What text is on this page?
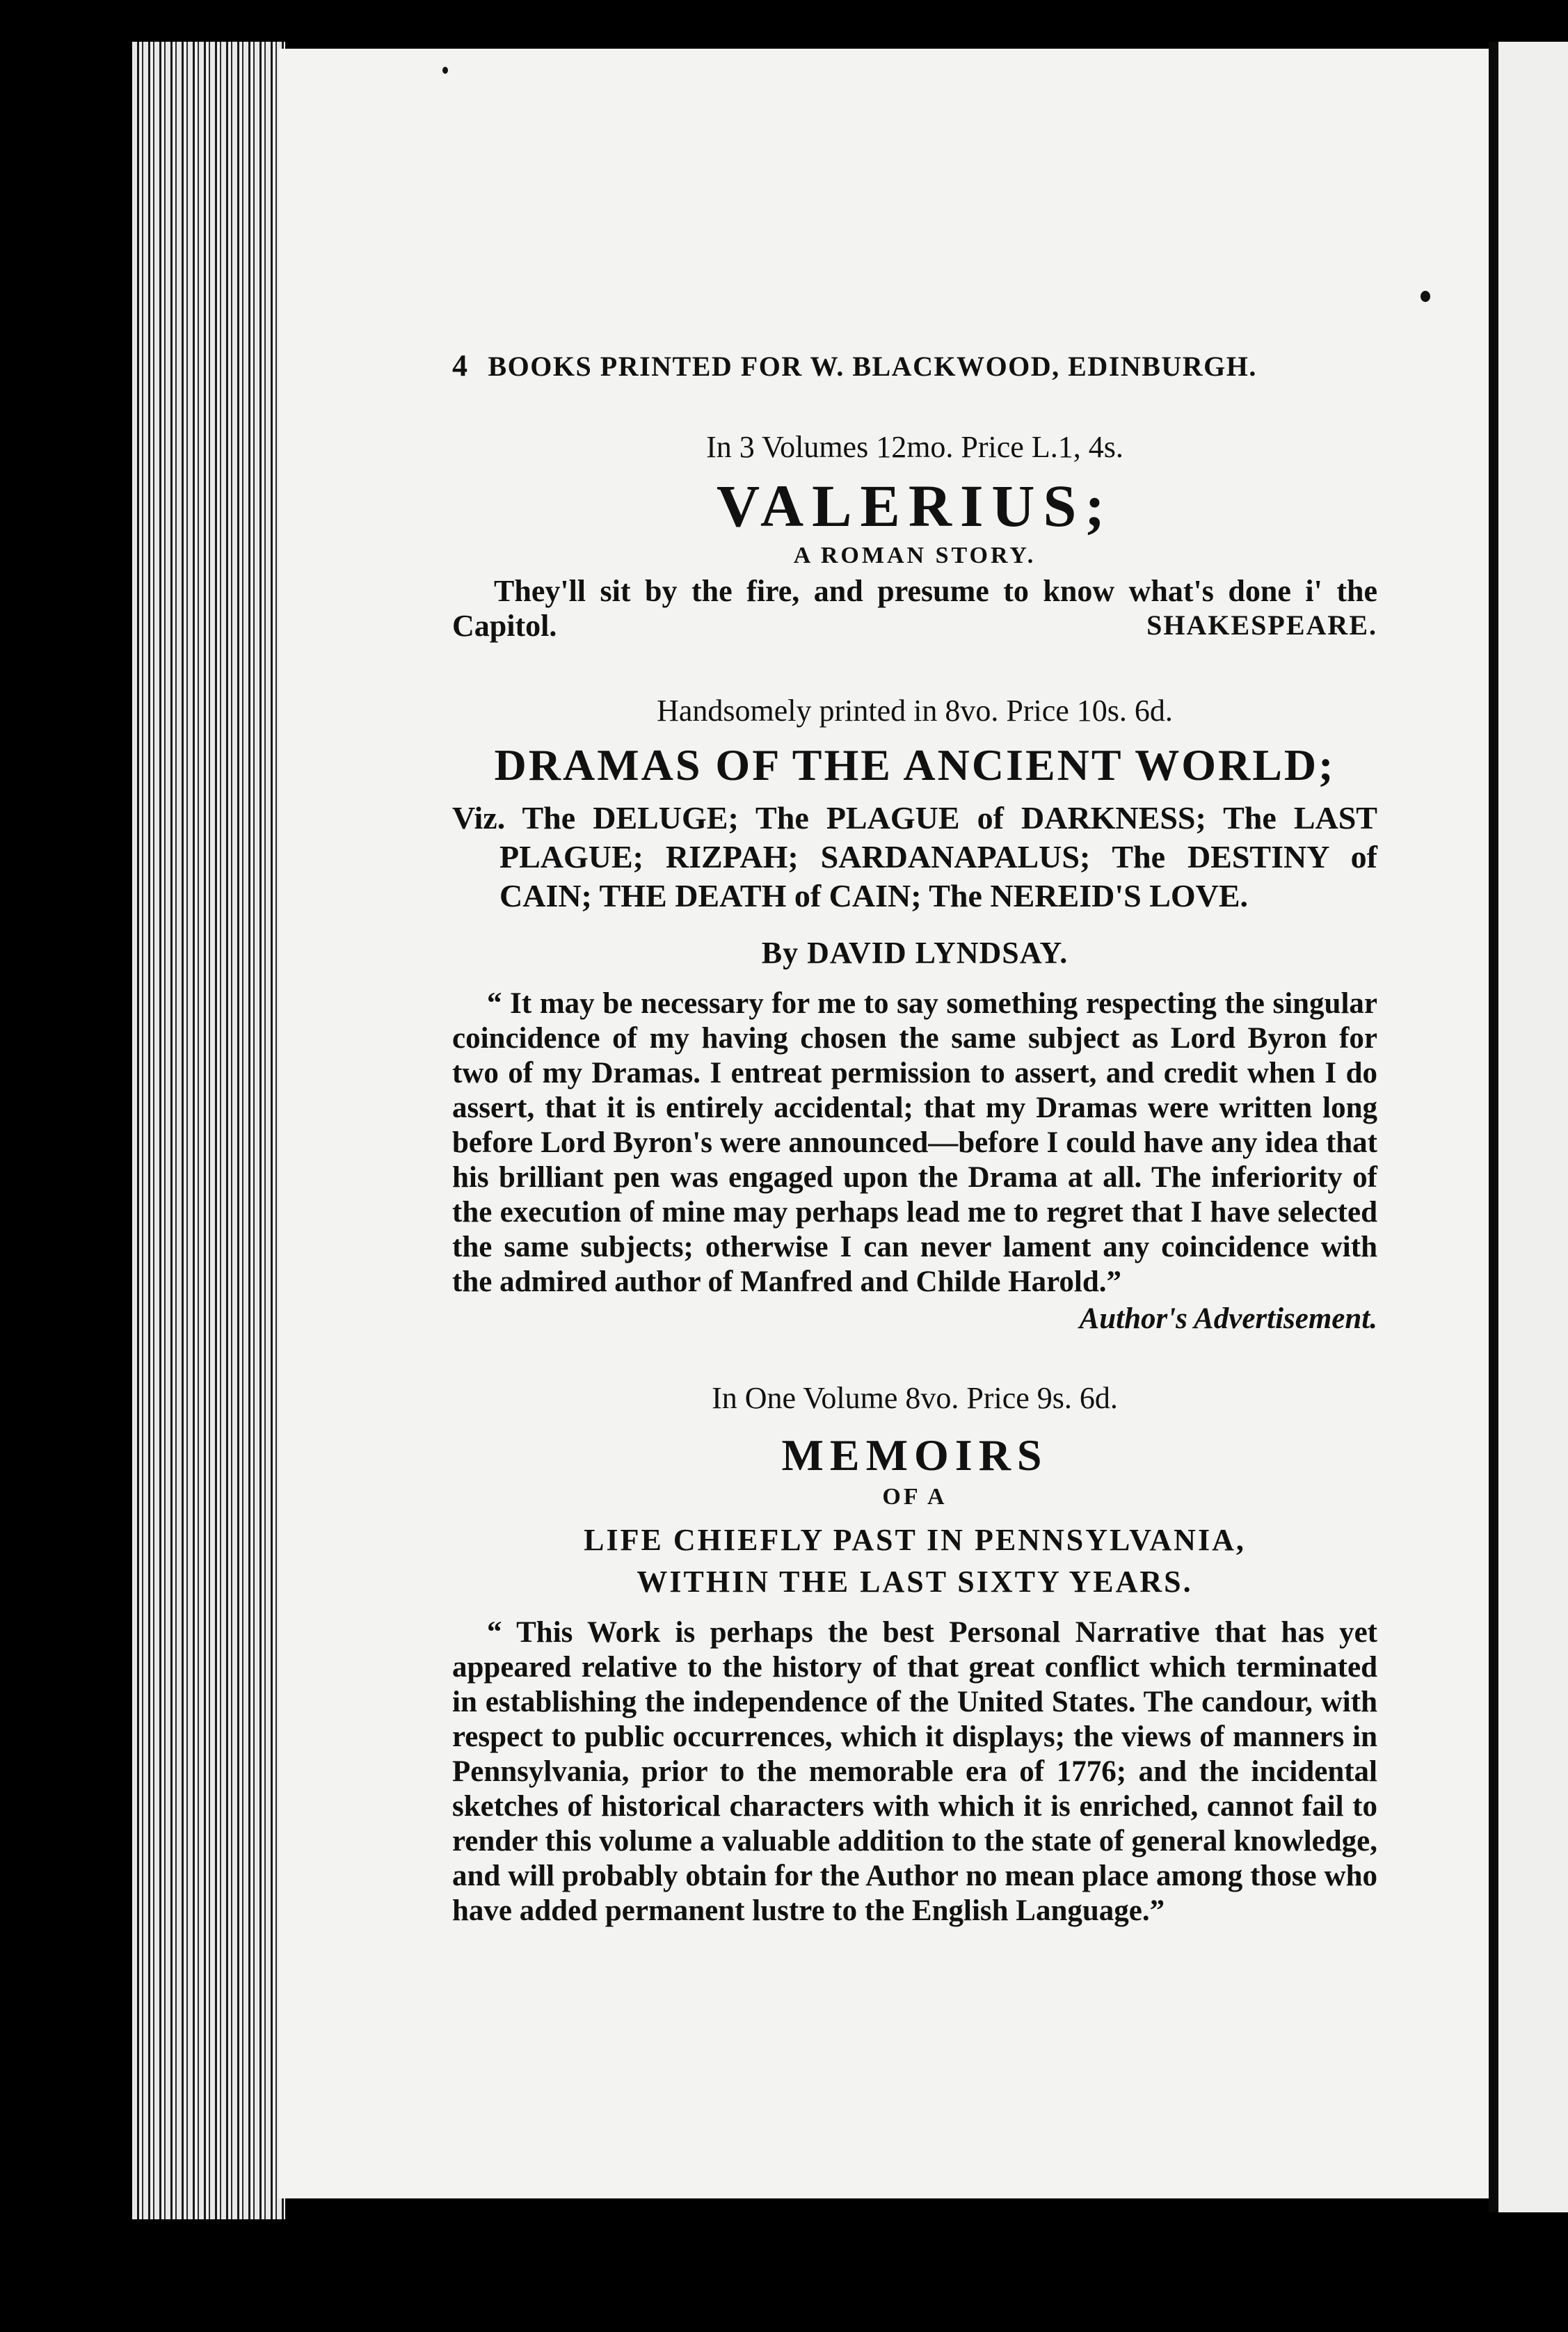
4 BOOKS PRINTED FOR W. BLACKWOOD, EDINBURGH.
In 3 Volumes 12mo. Price L.1, 4s.
VALERIUS;
A ROMAN STORY.
They'll sit by the fire, and presume to know what's done i' the Capitol.	SHAKESPEARE.
Handsomely printed in 8vo. Price 10s. 6d.
DRAMAS OF THE ANCIENT WORLD;
Viz. The DELUGE; The PLAGUE of DARKNESS; The LAST PLAGUE; RIZPAH; SARDANAPALUS; The DESTINY of CAIN; THE DEATH of CAIN; The NEREID'S LOVE.
By DAVID LYNDSAY.
“ It may be necessary for me to say something respecting the singular coincidence of my having chosen the same subject as Lord Byron for two of my Dramas. I entreat permission to assert, and credit when I do assert, that it is entirely accidental; that my Dramas were written long before Lord Byron's were announced—before I could have any idea that his brilliant pen was engaged upon the Drama at all. The inferiority of the execution of mine may perhaps lead me to regret that I have selected the same subjects; otherwise I can never lament any coincidence with the admired author of Manfred and Childe Harold.”
Author's Advertisement.
In One Volume 8vo. Price 9s. 6d.
MEMOIRS
OF A
LIFE CHIEFLY PAST IN PENNSYLVANIA,
WITHIN THE LAST SIXTY YEARS.
“ This Work is perhaps the best Personal Narrative that has yet appeared relative to the history of that great conflict which terminated in establishing the independence of the United States. The candour, with respect to public occurrences, which it displays; the views of manners in Pennsylvania, prior to the memorable era of 1776; and the incidental sketches of historical characters with which it is enriched, cannot fail to render this volume a valuable addition to the state of general knowledge, and will probably obtain for the Author no mean place among those who have added permanent lustre to the English Language.”
